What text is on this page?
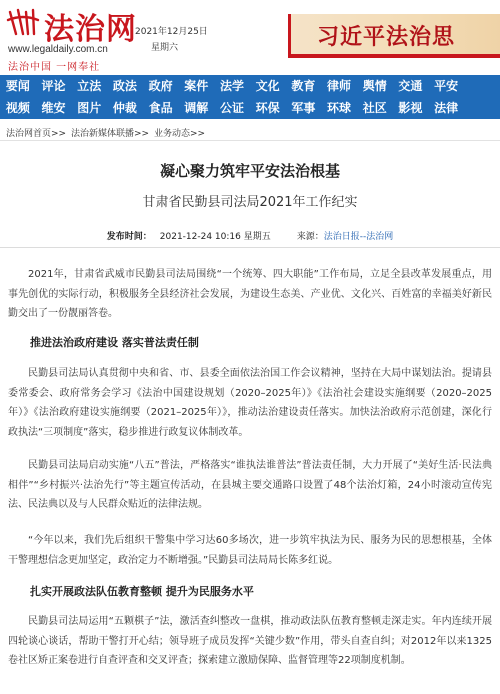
法治网
www.legaldaily.com.cn
法治中国 一网奉社
2021年12月25日
星期六	习近平法治思
要闻 评论 立法 政法 政府 案件 法学 文化 教育 律师 舆情 交通 平安
视频 维安 图片 仲裁 食品 调解 公证 环保 军事 环球 社区 影视 法律
法治网首页>> 法治新媒体联播>> 业务动态>>
凝心聚力筑牢平安法治根基
甘肃省民勤县司法局2021年工作纪实
发布时间： 2021-12-24 10:16 星期五	来源： 法治日报--法治网
2021年，甘肃省武威市民勤县司法局围绕“一个统筹、四大职能”工作布局，立足全县改革发展重点，用事先创优的实际行动，积极服务全县经济社会发展，为建设生态美、产业优、文化兴、百姓富的幸福美好新民勤交出了一份靓丽答卷。
推进法治政府建设 落实普法责任制
民勤县司法局认真贯彻中央和省、市、县委全面依法治国工作会议精神，坚持在大局中谋划法治。提请县委常委会、政府常务会学习《法治中国建设规划（2020–2025年）》《法治社会建设实施纲要（2020–2025年）》《法治政府建设实施纲要（2021–2025年）》，推动法治建设责任落实。加快法治政府示范创建，深化行政执法“三项制度”落实，稳步推进行政复议体制改革。
民勤县司法局启动实施“八五”普法，严格落实“谁执法谁普法”普法责任制，大力开展了“美好生活·民法典相伴”“乡村振兴·法治先行”等主题宣传活动，在县城主要交通路口设置了48个法治灯箱，24小时滚动宣传宪法、民法典以及与人民群众贴近的法律法规。
“今年以来，我们先后组织干警集中学习达60多场次，进一步筑牢执法为民、服务为民的思想根基，全体干警理想信念更加坚定，政治定力不断增强。”民勤县司法局局长陈多红说。
扎实开展政法队伍教育整顿 提升为民服务水平
民勤县司法局运用“五颗棋子”法，激活查纠整改一盘棋，推动政法队伍教育整顿走深走实。年内连续开展四轮谈心谈话，帮助干警打开心结；领导班子成员发挥“关键少数”作用，带头自查自纠；对2012年以来1325卷社区矫正案卷进行自查评查和交叉评查；探索建立激励保障、监督管理等22项制度机制。
